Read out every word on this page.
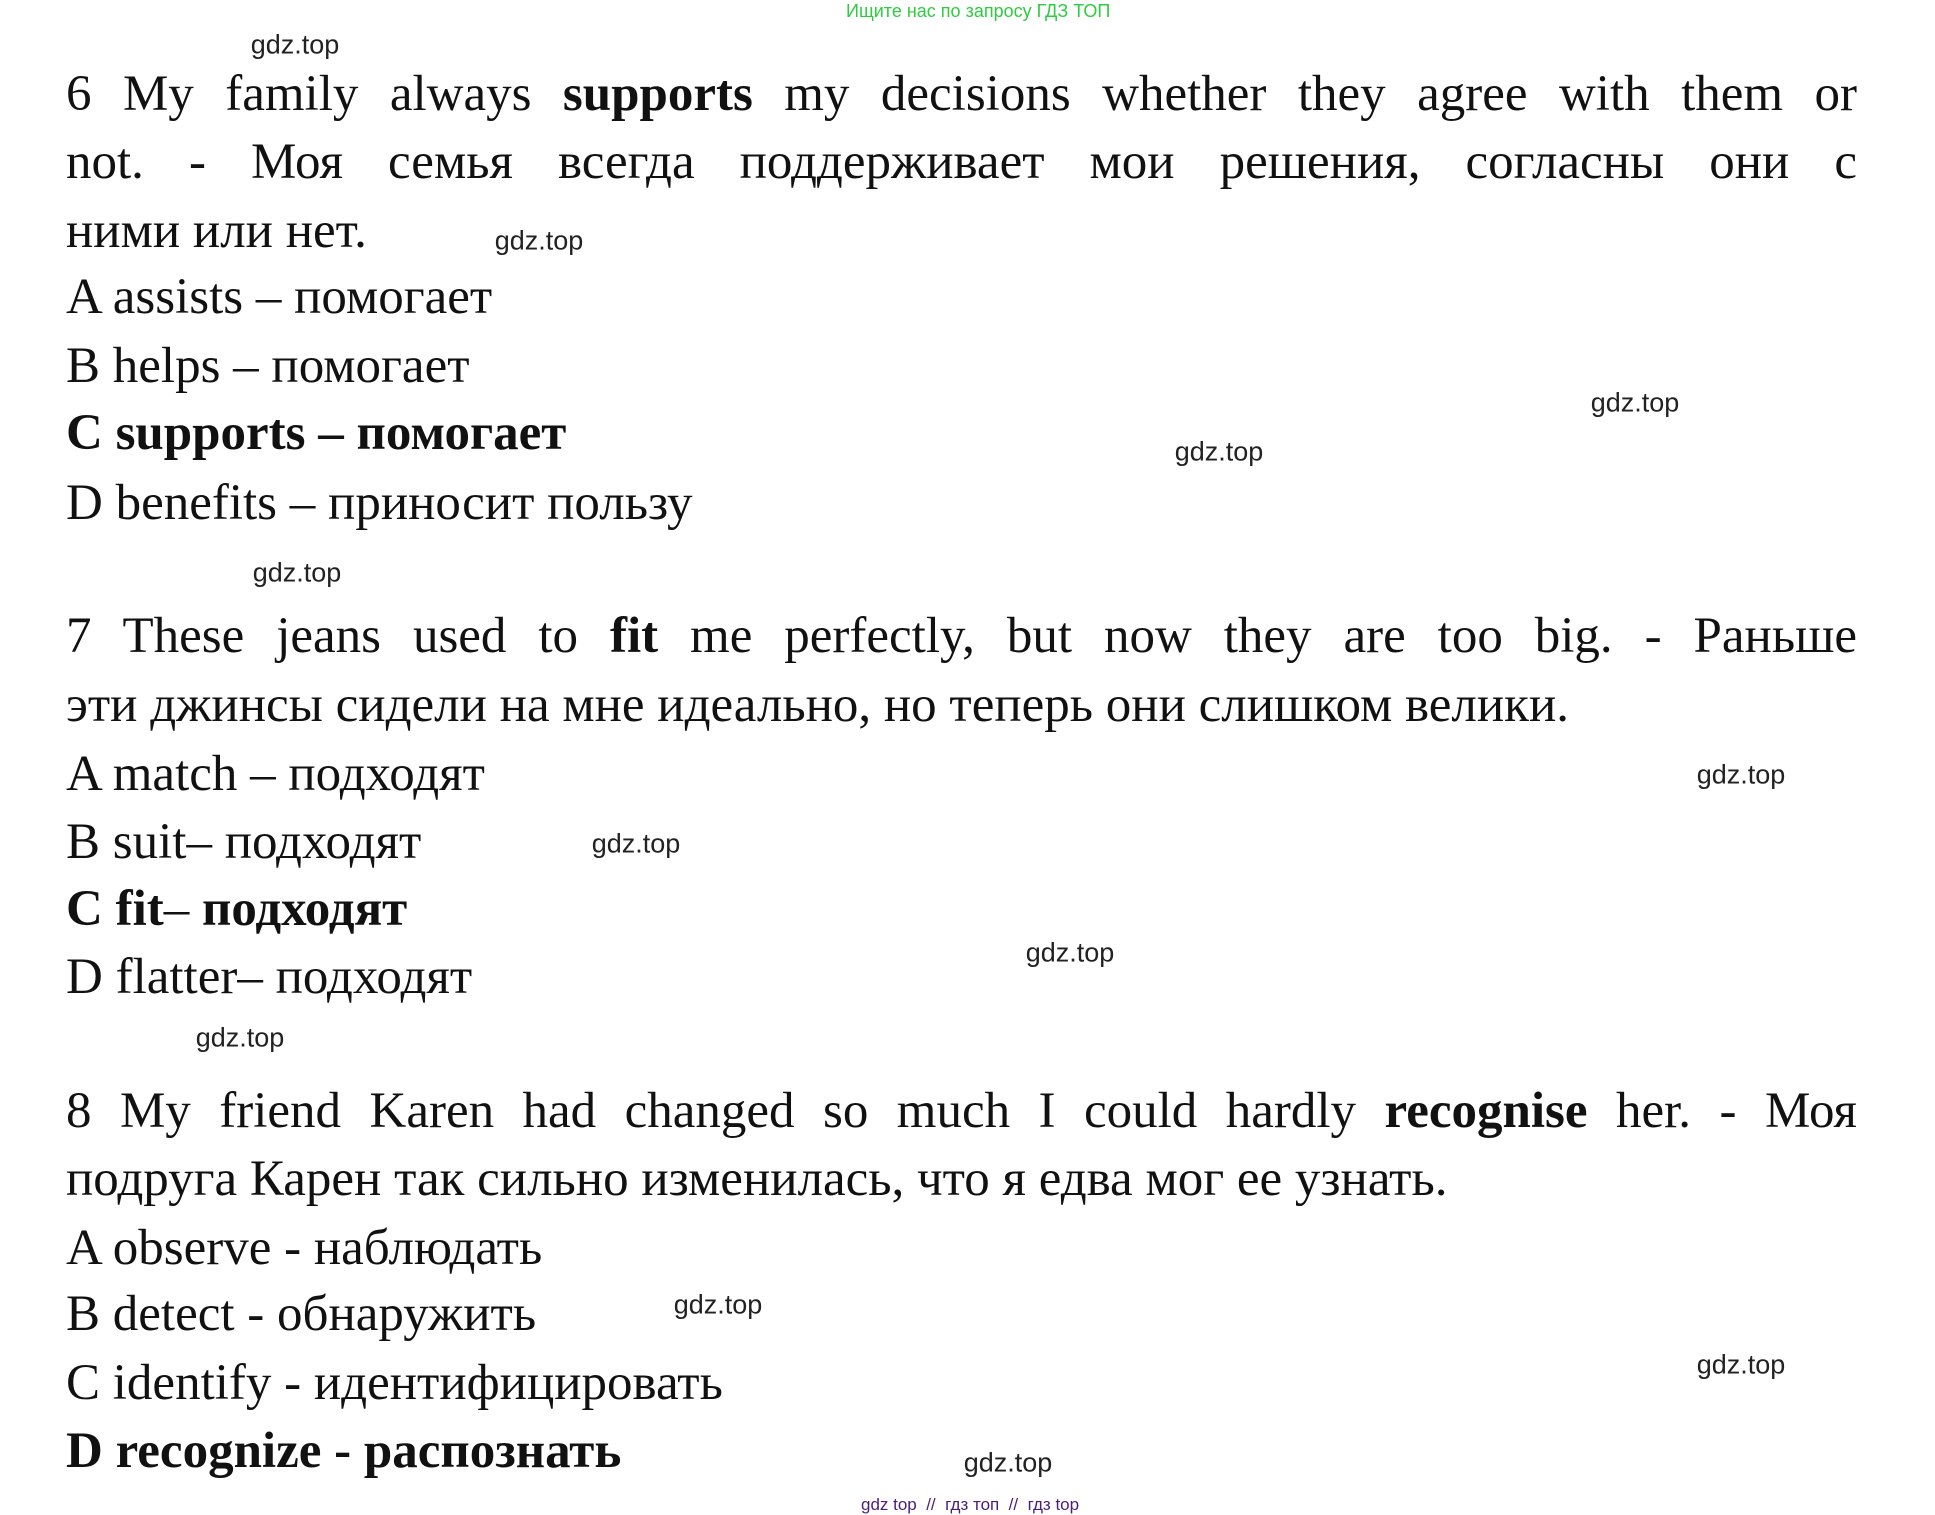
Ищите нас по запросу ГДЗ ТОП
6 My family always supports my decisions whether they agree with them or
not. - Моя семья всегда поддерживает мои решения, согласны они с
ними или нет.
A assists – помогает
B helps – помогает
C supports – помогает
D benefits – приносит пользу
7 These jeans used to fit me perfectly, but now they are too big. - Раньше
эти джинсы сидели на мне идеально, но теперь они слишком велики.
A match – подходят
B suit– подходят
C fit– подходят
D flatter– подходят
8 My friend Karen had changed so much I could hardly recognise her. - Моя
подруга Карен так сильно изменилась, что я едва мог ее узнать.
A observe - наблюдать
B detect - обнаружить
C identify - идентифицировать
D recognize - распознать
gdz.top
gdz.top
gdz.top
gdz.top
gdz.top
gdz.top
gdz.top
gdz.top
gdz.top
gdz.top
gdz.top
gdz.top
gdz top  //  гдз топ  //  гдз top
